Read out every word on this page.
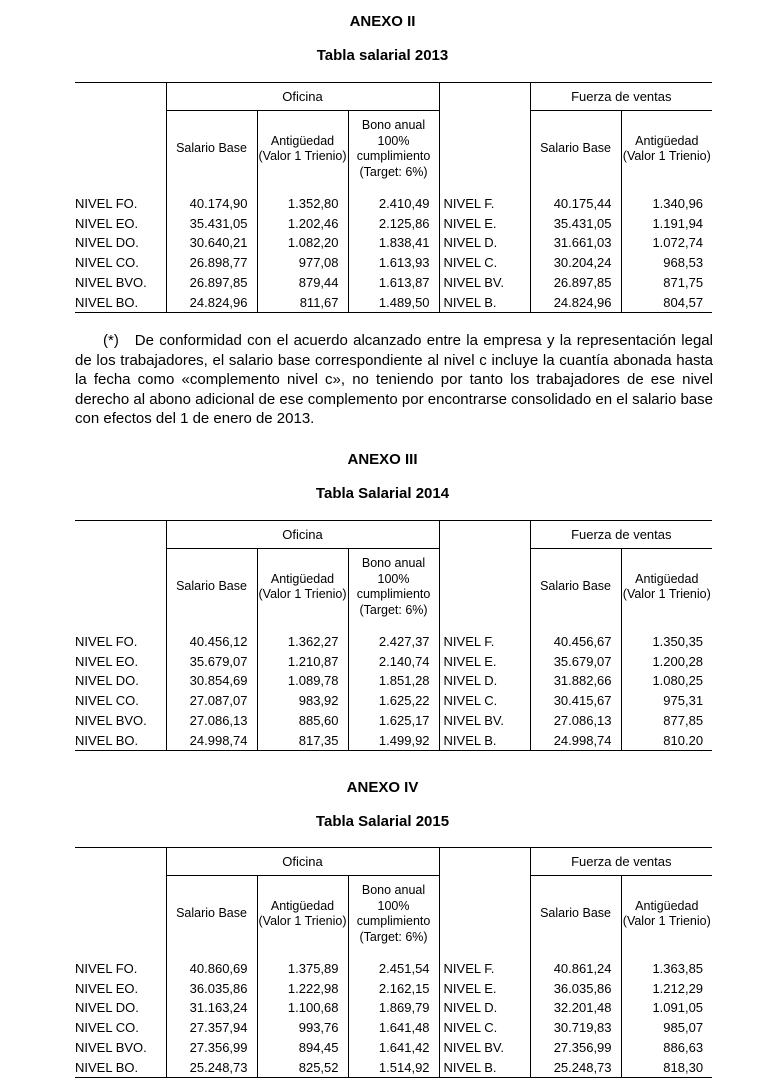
ANEXO II
Tabla salarial 2013
	Oficina				Fuerza de ventas	
	Salario Base	Antigüedad (Valor 1 Trienio)	Bono anual 100% cumplimiento (Target: 6%)		Salario Base	Antigüedad (Valor 1 Trienio)

NIVEL FO.	40.174,90	1.352,80	2.410,49	NIVEL F.	40.175,44	1.340,96
NIVEL EO.	35.431,05	1.202,46	2.125,86	NIVEL E.	35.431,05	1.191,94
NIVEL DO.	30.640,21	1.082,20	1.838,41	NIVEL D.	31.661,03	1.072,74
NIVEL CO.	26.898,77	977,08	1.613,93	NIVEL C.	30.204,24	968,53
NIVEL BVO.	26.897,85	879,44	1.613,87	NIVEL BV.	26.897,85	871,75
NIVEL BO.	24.824,96	811,67	1.489,50	NIVEL B.	24.824,96	804,57

(*)   De conformidad con el acuerdo alcanzado entre la empresa y la representación legal de los trabajadores, el salario base correspondiente al nivel c incluye la cuantía abonada hasta la fecha como «complemento nivel c», no teniendo por tanto los trabajadores de ese nivel derecho al abono adicional de ese complemento por encontrarse consolidado en el salario base con efectos del 1 de enero de 2013.

ANEXO III
Tabla Salarial 2014
	Oficina				Fuerza de ventas	
	Salario Base	Antigüedad (Valor 1 Trienio)	Bono anual 100% cumplimiento (Target: 6%)		Salario Base	Antigüedad (Valor 1 Trienio)

NIVEL FO.	40.456,12	1.362,27	2.427,37	NIVEL F.	40.456,67	1.350,35
NIVEL EO.	35.679,07	1.210,87	2.140,74	NIVEL E.	35.679,07	1.200,28
NIVEL DO.	30.854,69	1.089,78	1.851,28	NIVEL D.	31.882,66	1.080,25
NIVEL CO.	27.087,07	983,92	1.625,22	NIVEL C.	30.415,67	975,31
NIVEL BVO.	27.086,13	885,60	1.625,17	NIVEL BV.	27.086,13	877,85
NIVEL BO.	24.998,74	817,35	1.499,92	NIVEL B.	24.998,74	810.20
ANEXO IV
Tabla Salarial 2015
	Oficina				Fuerza de ventas	
	Salario Base	Antigüedad (Valor 1 Trienio)	Bono anual 100% cumplimiento (Target: 6%)		Salario Base	Antigüedad (Valor 1 Trienio)

NIVEL FO.	40.860,69	1.375,89	2.451,54	NIVEL F.	40.861,24	1.363,85
NIVEL EO.	36.035,86	1.222,98	2.162,15	NIVEL E.	36.035,86	1.212,29
NIVEL DO.	31.163,24	1.100,68	1.869,79	NIVEL D.	32.201,48	1.091,05
NIVEL CO.	27.357,94	993,76	1.641,48	NIVEL C.	30.719,83	985,07
NIVEL BVO.	27.356,99	894,45	1.641,42	NIVEL BV.	27.356,99	886,63
NIVEL BO.	25.248,73	825,52	1.514,92	NIVEL B.	25.248,73	818,30
